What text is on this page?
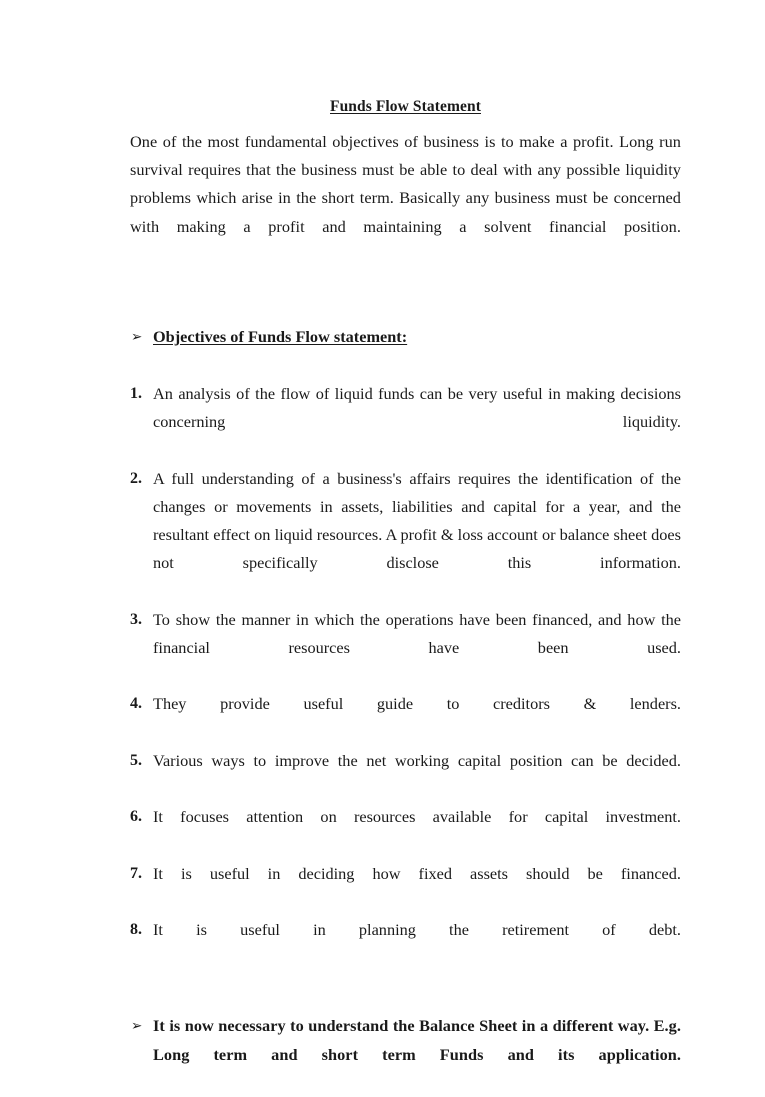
Funds Flow Statement

One of the most fundamental objectives of business is to make a profit. Long run survival requires that the business must be able to deal with any possible liquidity problems which arise in the short term. Basically any business must be concerned with making a profit and maintaining a solvent financial position.

➢ Objectives of Funds Flow statement:
1. An analysis of the flow of liquid funds can be very useful in making decisions concerning liquidity.
2. A full understanding of a business's affairs requires the identification of the changes or movements in assets, liabilities and capital for a year, and the resultant effect on liquid resources. A profit & loss account or balance sheet does not specifically disclose this information.
3. To show the manner in which the operations have been financed, and how the financial resources have been used.
4. They provide useful guide to creditors & lenders.
5. Various ways to improve the net working capital position can be decided.
6. It focuses attention on resources available for capital investment.
7. It is useful in deciding how fixed assets should be financed.
8. It is useful in planning the retirement of debt.
➢ It is now necessary to understand the Balance Sheet in a different way. E.g. Long term and short term Funds and its application.
